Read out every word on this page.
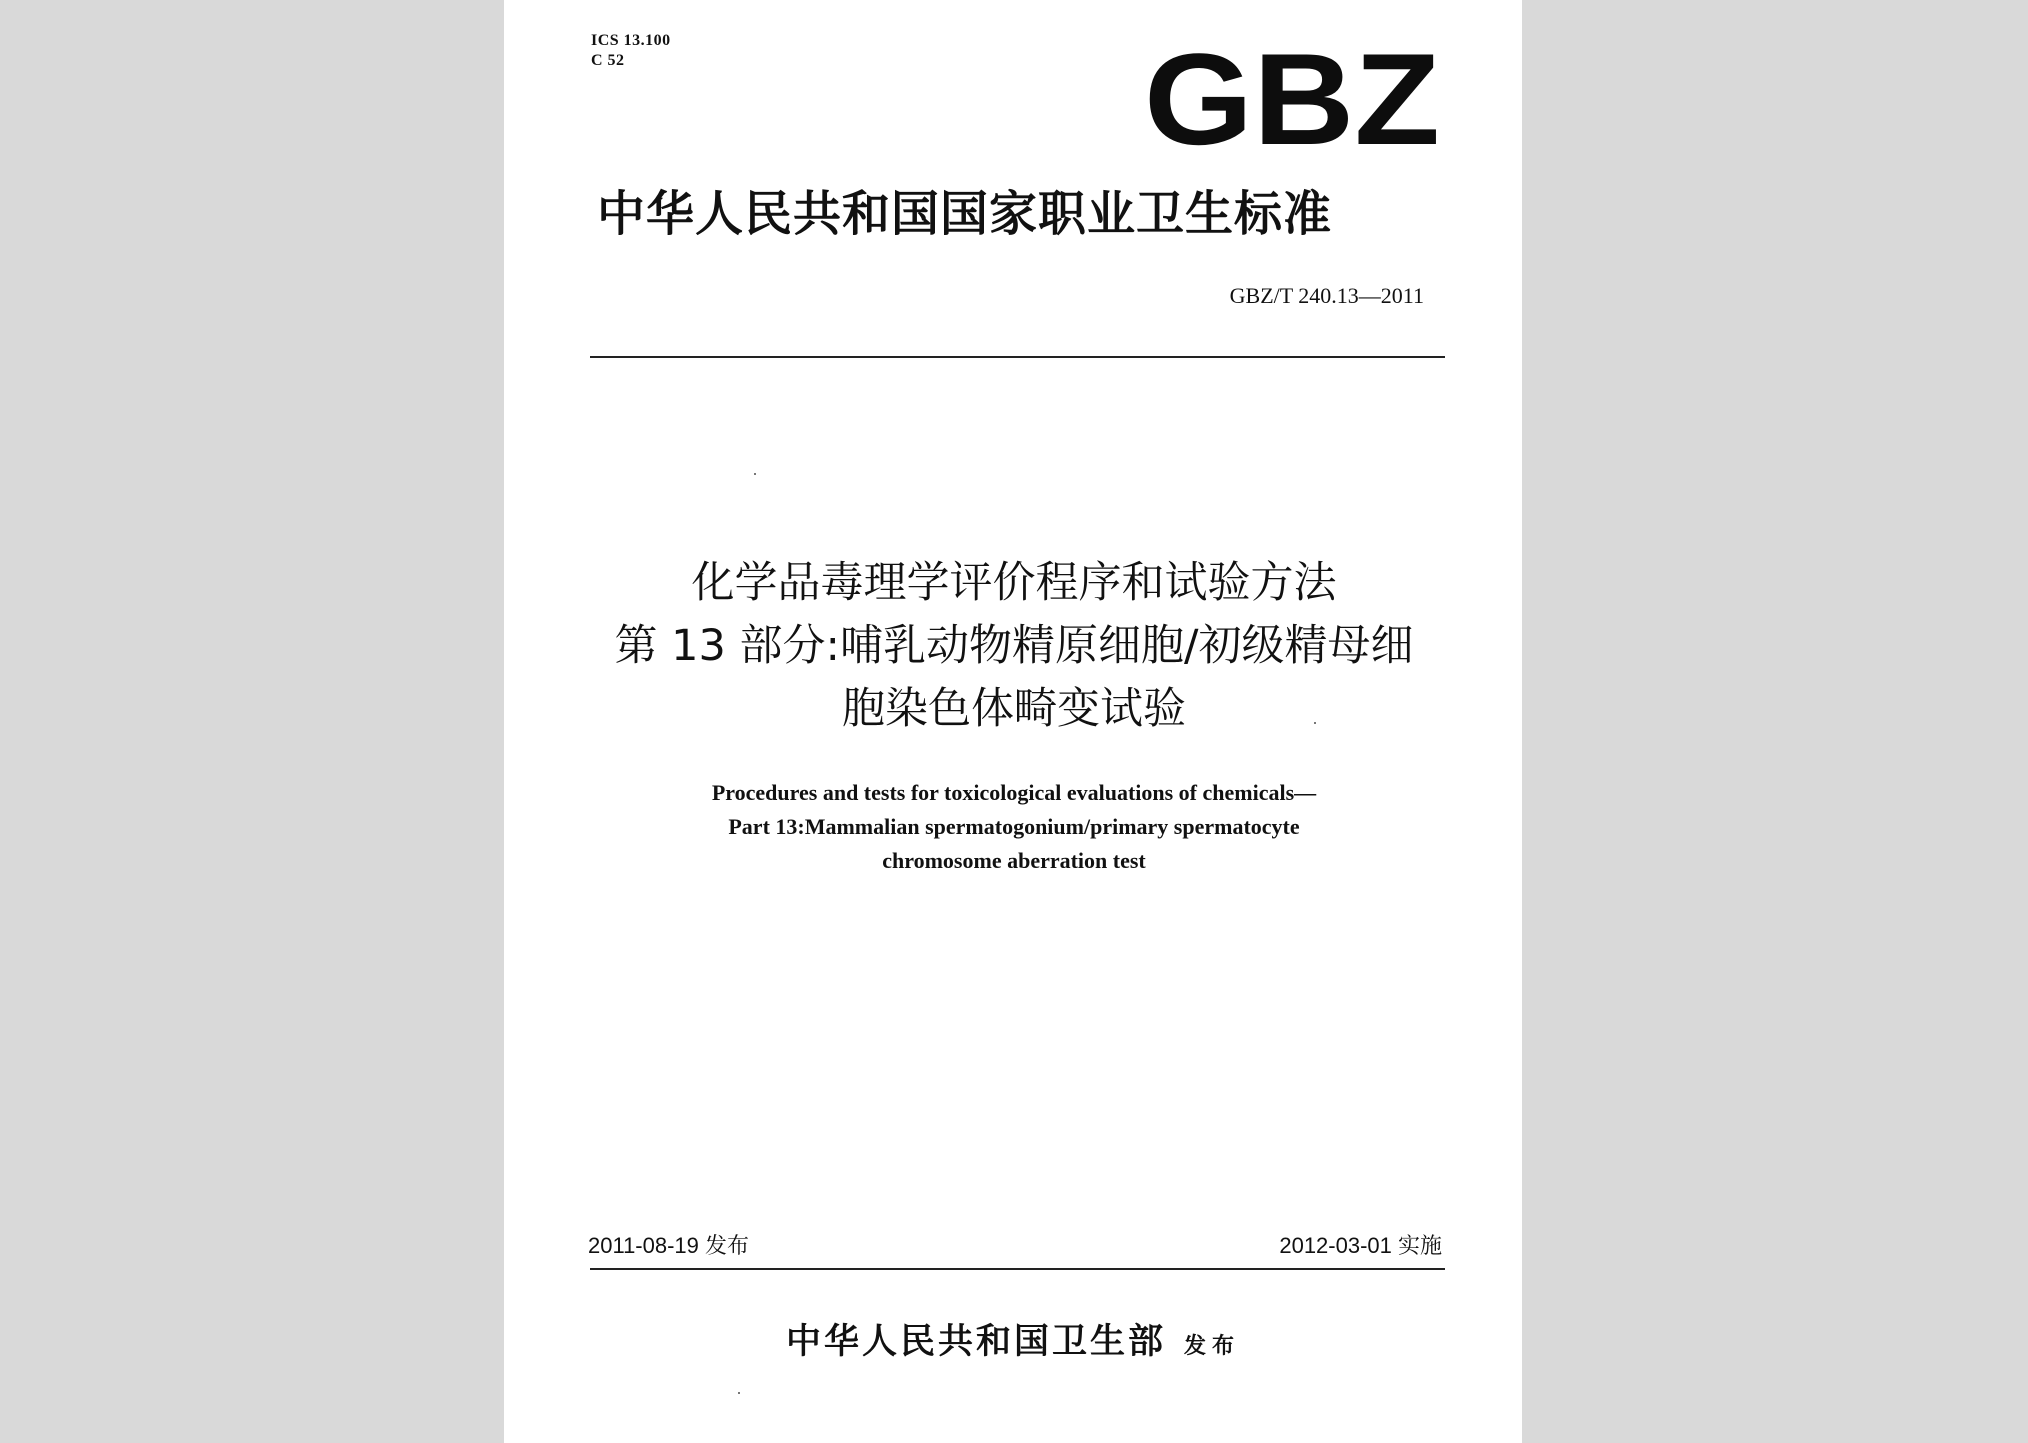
ICS 13.100
C 52	GBZ
中华人民共和国国家职业卫生标准
GBZ/T 240.13—2011
化学品毒理学评价程序和试验方法
第 13 部分:哺乳动物精原细胞/初级精母细
胞染色体畸变试验
Procedures and tests for toxicological evaluations of chemicals—
Part 13:Mammalian spermatogonium/primary spermatocyte
chromosome aberration test
2011-08-19 发布	2012-03-01 实施
中华人民共和国卫生部 发布
